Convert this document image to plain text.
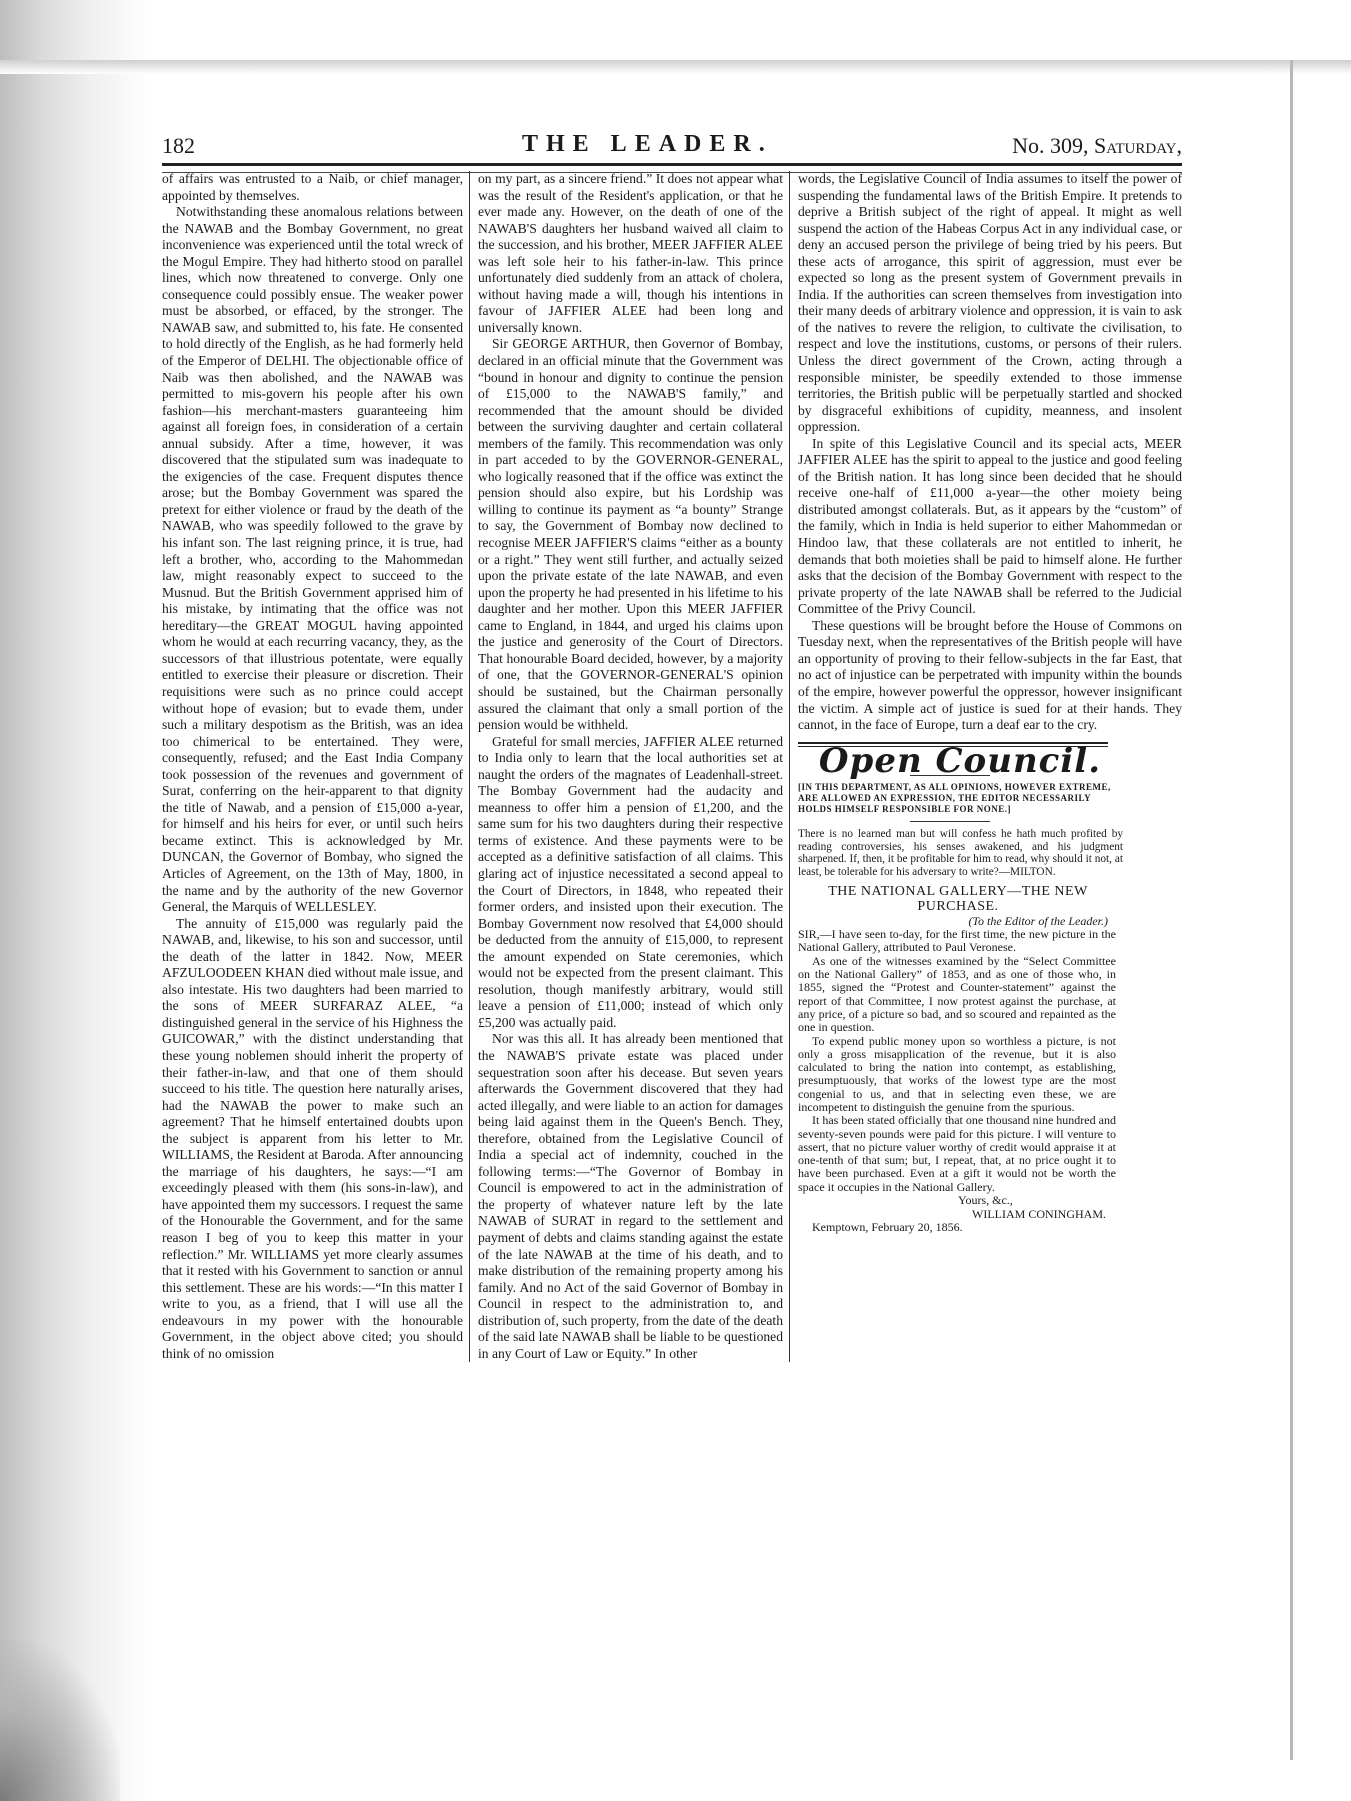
182	THE LEADER.	No. 309, Saturday,

of affairs was entrusted to a Naib, or chief manager, appointed by themselves.

Notwithstanding these anomalous relations between the NAWAB and the Bombay Government, no great inconvenience was experienced until the total wreck of the Mogul Empire. They had hitherto stood on parallel lines, which now threatened to converge. Only one consequence could possibly ensue. The weaker power must be absorbed, or effaced, by the stronger. The NAWAB saw, and submitted to, his fate. He consented to hold directly of the English, as he had formerly held of the Emperor of DELHI. The objectionable office of Naib was then abolished, and the NAWAB was permitted to mis-govern his people after his own fashion—his merchant-masters guaranteeing him against all foreign foes, in consideration of a certain annual subsidy. After a time, however, it was discovered that the stipulated sum was inadequate to the exigencies of the case. Frequent disputes thence arose; but the Bombay Government was spared the pretext for either violence or fraud by the death of the NAWAB, who was speedily followed to the grave by his infant son. The last reigning prince, it is true, had left a brother, who, according to the Mahommedan law, might reasonably expect to succeed to the Musnud. But the British Government apprised him of his mistake, by intimating that the office was not hereditary—the GREAT MOGUL having appointed whom he would at each recurring vacancy, they, as the successors of that illustrious potentate, were equally entitled to exercise their pleasure or discretion. Their requisitions were such as no prince could accept without hope of evasion; but to evade them, under such a military despotism as the British, was an idea too chimerical to be entertained. They were, consequently, refused; and the East India Company took possession of the revenues and government of Surat, conferring on the heir-apparent to that dignity the title of Nawab, and a pension of £15,000 a-year, for himself and his heirs for ever, or until such heirs became extinct. This is acknowledged by Mr. DUNCAN, the Governor of Bombay, who signed the Articles of Agreement, on the 13th of May, 1800, in the name and by the authority of the new Governor General, the Marquis of WELLESLEY.

The annuity of £15,000 was regularly paid the NAWAB, and, likewise, to his son and successor, until the death of the latter in 1842. Now, MEER AFZULOODEEN KHAN died without male issue, and also intestate. His two daughters had been married to the sons of MEER SURFARAZ ALEE, “a distinguished general in the service of his Highness the GUICOWAR,” with the distinct understanding that these young noblemen should inherit the property of their father-in-law, and that one of them should succeed to his title. The question here naturally arises, had the NAWAB the power to make such an agreement? That he himself entertained doubts upon the subject is apparent from his letter to Mr. WILLIAMS, the Resident at Baroda. After announcing the marriage of his daughters, he says:—“I am exceedingly pleased with them (his sons-in-law), and have appointed them my successors. I request the same of the Honourable the Government, and for the same reason I beg of you to keep this matter in your reflection.” Mr. WILLIAMS yet more clearly assumes that it rested with his Government to sanction or annul this settlement. These are his words:—“In this matter I write to you, as a friend, that I will use all the endeavours in my power with the honourable Government, in the object above cited; you should think of no omission

on my part, as a sincere friend.” It does not appear what was the result of the Resident's application, or that he ever made any. However, on the death of one of the NAWAB'S daughters her husband waived all claim to the succession, and his brother, MEER JAFFIER ALEE was left sole heir to his father-in-law. This prince unfortunately died suddenly from an attack of cholera, without having made a will, though his intentions in favour of JAFFIER ALEE had been long and universally known.

Sir GEORGE ARTHUR, then Governor of Bombay, declared in an official minute that the Government was “bound in honour and dignity to continue the pension of £15,000 to the NAWAB'S family,” and recommended that the amount should be divided between the surviving daughter and certain collateral members of the family. This recommendation was only in part acceded to by the GOVERNOR-GENERAL, who logically reasoned that if the office was extinct the pension should also expire, but his Lordship was willing to continue its payment as “a bounty” Strange to say, the Government of Bombay now declined to recognise MEER JAFFIER'S claims “either as a bounty or a right.” They went still further, and actually seized upon the private estate of the late NAWAB, and even upon the property he had presented in his lifetime to his daughter and her mother. Upon this MEER JAFFIER came to England, in 1844, and urged his claims upon the justice and generosity of the Court of Directors. That honourable Board decided, however, by a majority of one, that the GOVERNOR-GENERAL'S opinion should be sustained, but the Chairman personally assured the claimant that only a small portion of the pension would be withheld.

Grateful for small mercies, JAFFIER ALEE returned to India only to learn that the local authorities set at naught the orders of the magnates of Leadenhall-street. The Bombay Government had the audacity and meanness to offer him a pension of £1,200, and the same sum for his two daughters during their respective terms of existence. And these payments were to be accepted as a definitive satisfaction of all claims. This glaring act of injustice necessitated a second appeal to the Court of Directors, in 1848, who repeated their former orders, and insisted upon their execution. The Bombay Government now resolved that £4,000 should be deducted from the annuity of £15,000, to represent the amount expended on State ceremonies, which would not be expected from the present claimant. This resolution, though manifestly arbitrary, would still leave a pension of £11,000; instead of which only £5,200 was actually paid.

Nor was this all. It has already been mentioned that the NAWAB'S private estate was placed under sequestration soon after his decease. But seven years afterwards the Government discovered that they had acted illegally, and were liable to an action for damages being laid against them in the Queen's Bench. They, therefore, obtained from the Legislative Council of India a special act of indemnity, couched in the following terms:—“The Governor of Bombay in Council is empowered to act in the administration of the property of whatever nature left by the late NAWAB of SURAT in regard to the settlement and payment of debts and claims standing against the estate of the late NAWAB at the time of his death, and to make distribution of the remaining property among his family. And no Act of the said Governor of Bombay in Council in respect to the administration to, and distribution of, such property, from the date of the death of the said late NAWAB shall be liable to be questioned in any Court of Law or Equity.” In other

words, the Legislative Council of India assumes to itself the power of suspending the fundamental laws of the British Empire. It pretends to deprive a British subject of the right of appeal. It might as well suspend the action of the Habeas Corpus Act in any individual case, or deny an accused person the privilege of being tried by his peers. But these acts of arrogance, this spirit of aggression, must ever be expected so long as the present system of Government prevails in India. If the authorities can screen themselves from investigation into their many deeds of arbitrary violence and oppression, it is vain to ask of the natives to revere the religion, to cultivate the civilisation, to respect and love the institutions, customs, or persons of their rulers. Unless the direct government of the Crown, acting through a responsible minister, be speedily extended to those immense territories, the British public will be perpetually startled and shocked by disgraceful exhibitions of cupidity, meanness, and insolent oppression.

In spite of this Legislative Council and its special acts, MEER JAFFIER ALEE has the spirit to appeal to the justice and good feeling of the British nation. It has long since been decided that he should receive one-half of £11,000 a-year—the other moiety being distributed amongst collaterals. But, as it appears by the “custom” of the family, which in India is held superior to either Mahommedan or Hindoo law, that these collaterals are not entitled to inherit, he demands that both moieties shall be paid to himself alone. He further asks that the decision of the Bombay Government with respect to the private property of the late NAWAB shall be referred to the Judicial Committee of the Privy Council.

These questions will be brought before the House of Commons on Tuesday next, when the representatives of the British people will have an opportunity of proving to their fellow-subjects in the far East, that no act of injustice can be perpetrated with impunity within the bounds of the empire, however powerful the oppressor, however insignificant the victim. A simple act of justice is sued for at their hands. They cannot, in the face of Europe, turn a deaf ear to the cry.

Open Council.
[IN THIS DEPARTMENT, AS ALL OPINIONS, HOWEVER EXTREME, ARE ALLOWED AN EXPRESSION, THE EDITOR NECESSARILY HOLDS HIMSELF RESPONSIBLE FOR NONE.]
There is no learned man but will confess he hath much profited by reading controversies, his senses awakened, and his judgment sharpened. If, then, it be profitable for him to read, why should it not, at least, be tolerable for his adversary to write?—MILTON.
THE NATIONAL GALLERY—THE NEW
PURCHASE.
(To the Editor of the Leader.)

SIR,—I have seen to-day, for the first time, the new picture in the National Gallery, attributed to Paul Veronese.

As one of the witnesses examined by the “Select Committee on the National Gallery” of 1853, and as one of those who, in 1855, signed the “Protest and Counter-statement” against the report of that Committee, I now protest against the purchase, at any price, of a picture so bad, and so scoured and repainted as the one in question.

To expend public money upon so worthless a picture, is not only a gross misapplication of the revenue, but it is also calculated to bring the nation into contempt, as establishing, presumptuously, that works of the lowest type are the most congenial to us, and that in selecting even these, we are incompetent to distinguish the genuine from the spurious.

It has been stated officially that one thousand nine hundred and seventy-seven pounds were paid for this picture. I will venture to assert, that no picture valuer worthy of credit would appraise it at one-tenth of that sum; but, I repeat, that, at no price ought it to have been purchased. Even at a gift it would not be worth the space it occupies in the National Gallery.

Yours, &c.,
WILLIAM CONINGHAM.
Kemptown, February 20, 1856.
